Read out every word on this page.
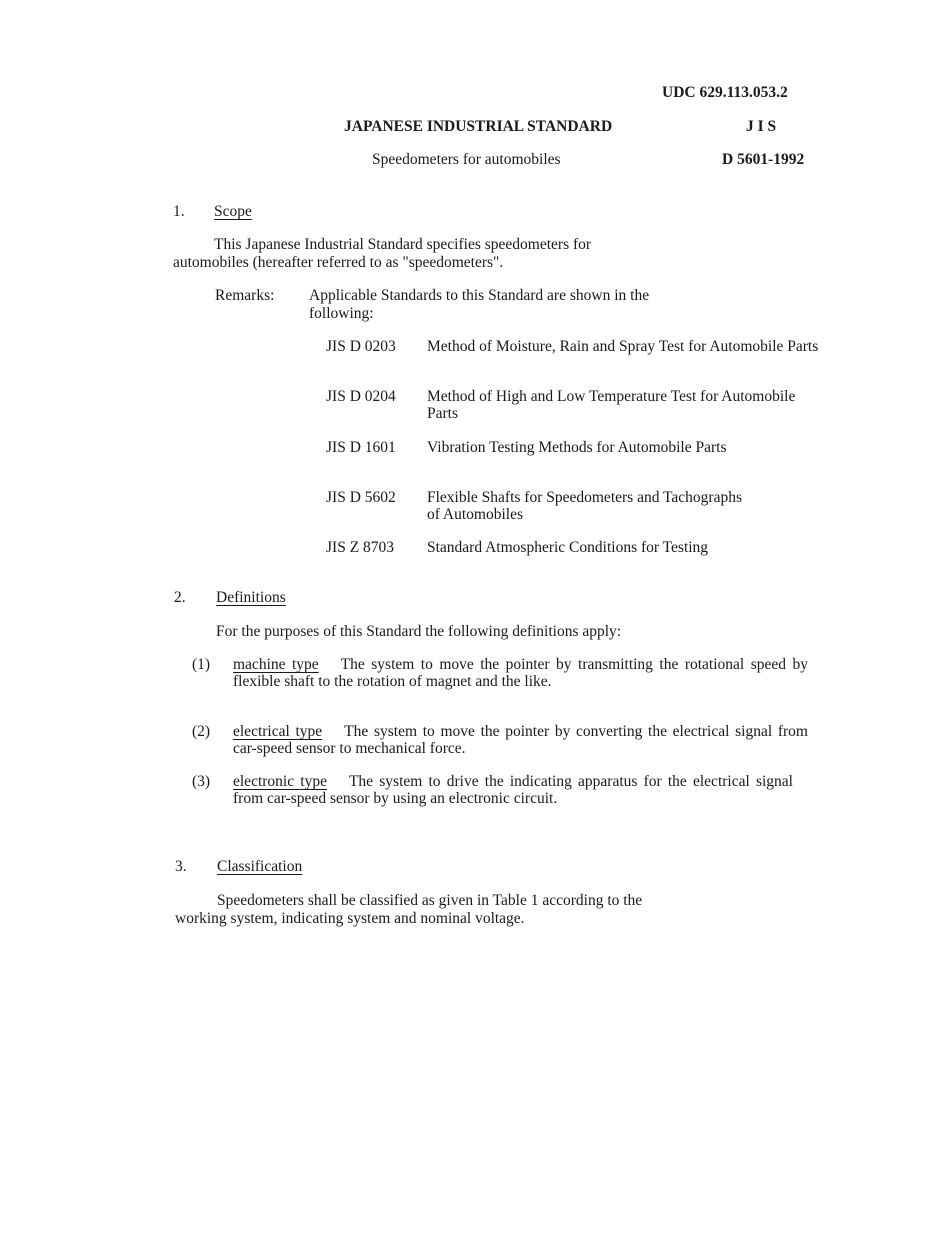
UDC 629.113.053.2
JAPANESE INDUSTRIAL STANDARD	J I S
Speedometers for automobiles	D 5601-1992
1. Scope
This Japanese Industrial Standard specifies speedometers for
automobiles (hereafter referred to as "speedometers".
Remarks: Applicable Standards to this Standard are shown in the
following:
JIS D 0203 Method of Moisture, Rain and Spray Test for Automobile Parts
JIS D 0204 Method of High and Low Temperature Test for Automobile Parts
JIS D 1601 Vibration Testing Methods for Automobile Parts
JIS D 5602 Flexible Shafts for Speedometers and Tachographs of Automobiles
JIS Z 8703 Standard Atmospheric Conditions for Testing
2. Definitions
For the purposes of this Standard the following definitions apply:
(1) machine type The system to move the pointer by transmitting the rotational speed by flexible shaft to the rotation of magnet and the like.
(2) electrical type The system to move the pointer by converting the electrical signal from car-speed sensor to mechanical force.
(3) electronic type The system to drive the indicating apparatus for the electrical signal from car-speed sensor by using an electronic circuit.
3. Classification
Speedometers shall be classified as given in Table 1 according to the
working system, indicating system and nominal voltage.
